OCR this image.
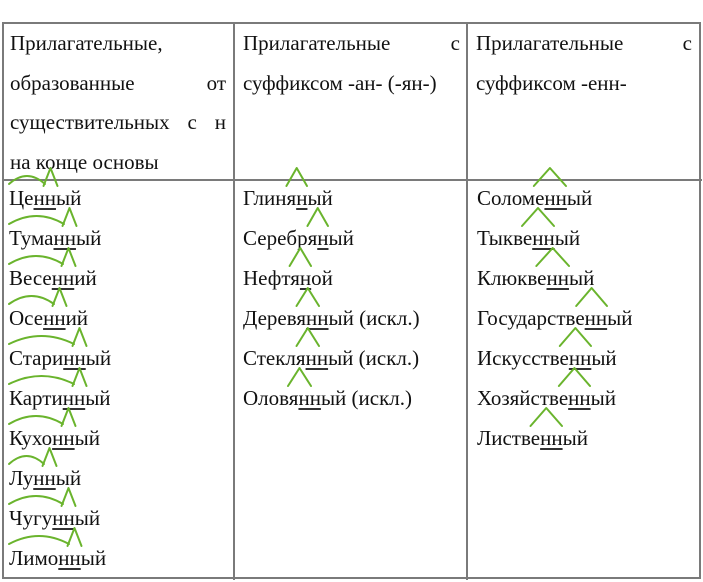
Прилагательные,
образованные от
существительных с н
на конце основы
Прилагательные с
суффиксом -ан- (-ян-)
Прилагательные с
суффиксом -енн-
Ценный
Туманный
Весенний
Осенний
Старинный
Картинный
Кухонный
Лунный
Чугунный
Лимонный
Глиняный
Серебряный
Нефтяной
Деревянный (искл.)
Стеклянный (искл.)
Оловянный (искл.)
Соломенный
Тыквенный
Клюквенный
Государственный
Искусственный
Хозяйственный
Лиственный
